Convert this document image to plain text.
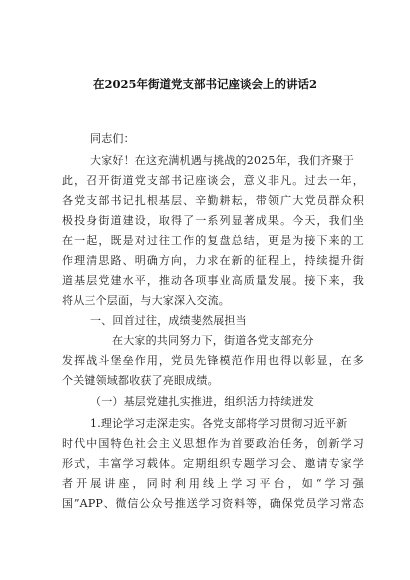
在2025年街道党支部书记座谈会上的讲话2

同志们：

大家好！在这充满机遇与挑战的2025年，我们齐聚于

此，召开街道党支部书记座谈会，意义非凡。过去一年，

各党支部书记扎根基层、辛勤耕耘，带领广大党员群众积

极投身街道建设，取得了一系列显著成果。今天，我们坐

在一起，既是对过往工作的复盘总结，更是为接下来的工

作理清思路、明确方向，力求在新的征程上，持续提升街

道基层党建水平，推动各项事业高质量发展。接下来，我

将从三个层面，与大家深入交流。

一、回首过往，成绩斐然展担当

在大家的共同努力下，街道各党支部充分

发挥战斗堡垒作用，党员先锋模范作用也得以彰显，在多

个关键领域都收获了亮眼成绩。

（一）基层党建扎实推进，组织活力持续迸发

1.理论学习走深走实。各党支部将学习贯彻习近平新

时代中国特色社会主义思想作为首要政治任务，创新学习

形式，丰富学习载体。定期组织专题学习会、邀请专家学

者开展讲座，同时利用线上学习平台，如“学习强

国”APP、微信公众号推送学习资料等，确保党员学习常态
